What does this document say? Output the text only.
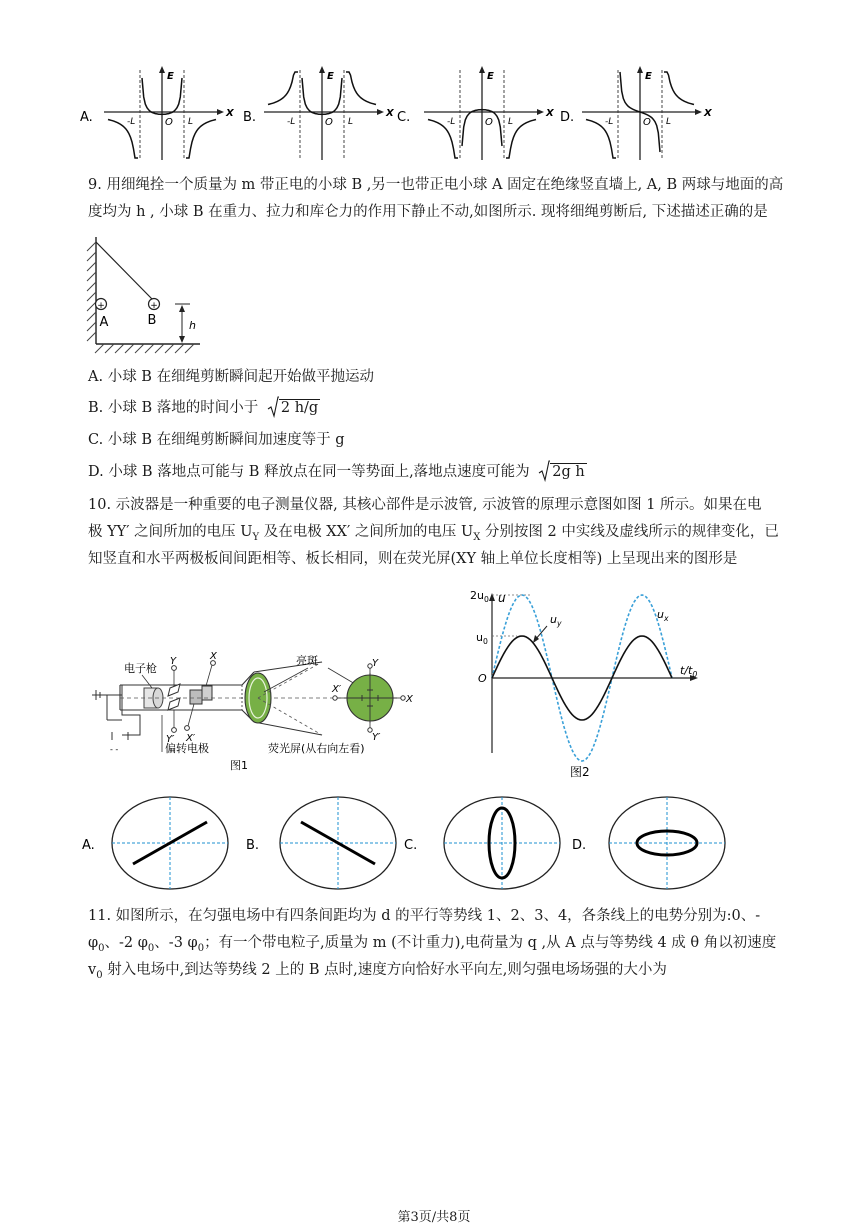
A.
E
X
O
-L	L	B.
E
X
O
-L	L	C.
E
X
O
-L	L	D.
E
X
O
-L	L
9. 用细绳拴一个质量为 m 带正电的小球 B ,另一也带正电小球 A 固定在绝缘竖直墙上, A, B 两球与地面的高
度均为 h , 小球 B 在重力、拉力和库仑力的作用下静止不动,如图所示. 现将细绳剪断后, 下述描述正确的是
+	+
A	B	h
A. 小球 B 在细绳剪断瞬间起开始做平抛运动
B. 小球 B 落地的时间小于 2 h/g
C. 小球 B 在细绳剪断瞬间加速度等于 g
D. 小球 B 落地点可能与 B 释放点在同一等势面上,落地点速度可能为 2g h
10. 示波器是一种重要的电子测量仪器, 其核心部件是示波管, 示波管的原理示意图如图 1 所示。如果在电
极 YY′ 之间所加的电压 $U_Y$ 及在电极 XX′ 之间所加的电压 $U_X$ 分别按图 2 中实线及虚线所示的规律变化，已
知竖直和水平两极板间间距相等、板长相同，则在荧光屏(XY 轴上单位长度相等) 上呈现出来的图形是
- -
电子枪
Y
Y′
X
X′
亮斑	Y
Y′
X′
X
偏转电极	荧光屏(从右向左看)
图1
$2u_0$
$u_0$
u
$t/t_0$
O
$u_y$
$u_x$
图2
A.	B.	C.	D.
11. 如图所示，在匀强电场中有四条间距均为 d 的平行等势线 1、2、3、4，各条线上的电势分别为:0、-
$\varphi_0$、-2 $\varphi_0$、-3 $\varphi_0$；有一个带电粒子,质量为 m (不计重力),电荷量为 q ,从 A 点与等势线 4 成 θ 角以初速度
$v_0$ 射入电场中,到达等势线 2 上的 B 点时,速度方向恰好水平向左,则匀强电场场强的大小为
第3页/共8页
